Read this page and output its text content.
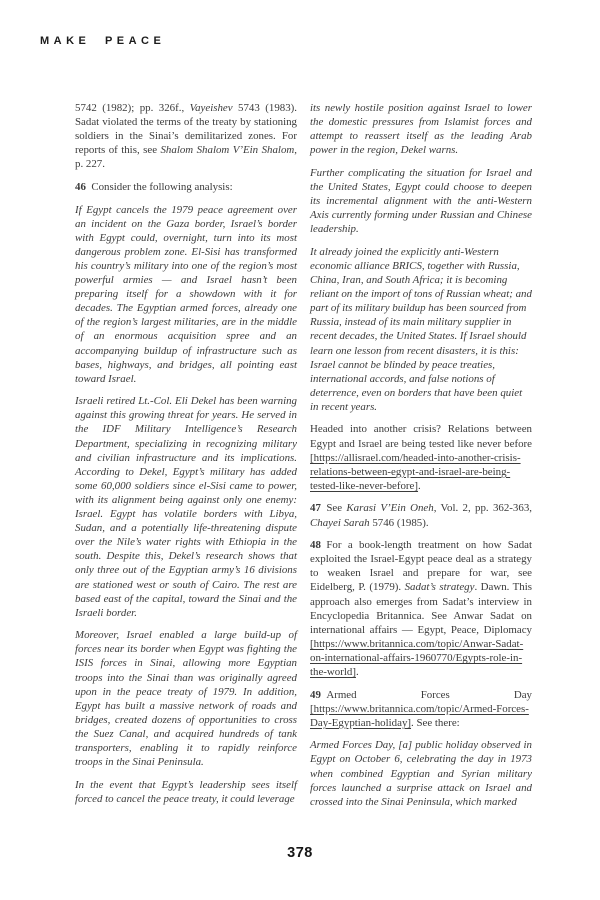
MAKE PEACE

5742 (1982); pp. 326f., Vayeishev 5743 (1983). Sadat violated the terms of the treaty by stationing soldiers in the Sinai’s demilitarized zones. For reports of this, see Shalom Shalom V’Ein Shalom, p. 227.

46 Consider the following analysis:

If Egypt cancels the 1979 peace agreement over an incident on the Gaza border, Israel’s border with Egypt could, overnight, turn into its most dangerous problem zone. El-Sisi has transformed his country’s military into one of the region’s most powerful armies — and Israel hasn’t been preparing itself for a showdown with it for decades. The Egyptian armed forces, already one of the region’s largest militaries, are in the middle of an enormous acquisition spree and an accompanying buildup of infrastructure such as bases, highways, and bridges, all pointing east toward Israel.

Israeli retired Lt.-Col. Eli Dekel has been warning against this growing threat for years. He served in the IDF Military Intelligence’s Research Department, specializing in recognizing military and civilian infrastructure and its implications. According to Dekel, Egypt’s military has added some 60,000 soldiers since el-Sisi came to power, with its alignment being against only one enemy: Israel. Egypt has volatile borders with Libya, Sudan, and a potentially life-threatening dispute over the Nile’s water rights with Ethiopia in the south. Despite this, Dekel’s research shows that only three out of the Egyptian army’s 16 divisions are stationed west or south of Cairo. The rest are based east of the capital, toward the Sinai and the Israeli border.

Moreover, Israel enabled a large build-up of forces near its border when Egypt was fighting the ISIS forces in Sinai, allowing more Egyptian troops into the Sinai than was originally agreed upon in the peace treaty of 1979. In addition, Egypt has built a massive network of roads and bridges, created dozens of opportunities to cross the Suez Canal, and acquired hundreds of tank transporters, enabling it to rapidly reinforce troops in the Sinai Peninsula.

In the event that Egypt’s leadership sees itself forced to cancel the peace treaty, it could leverage

its newly hostile position against Israel to lower the domestic pressures from Islamist forces and attempt to reassert itself as the leading Arab power in the region, Dekel warns.

Further complicating the situation for Israel and the United States, Egypt could choose to deepen its incremental alignment with the anti-Western Axis currently forming under Russian and Chinese leadership.

It already joined the explicitly anti-Western economic alliance BRICS, together with Russia, China, Iran, and South Africa; it is becoming reliant on the import of tons of Russian wheat; and part of its military buildup has been sourced from Russia, instead of its main military supplier in recent decades, the United States. If Israel should learn one lesson from recent disasters, it is this: Israel cannot be blinded by peace treaties, international accords, and false notions of deterrence, even on borders that have been quiet in recent years.

Headed into another crisis? Relations between Egypt and Israel are being tested like never before [https://allisrael.com/headed-into-another-crisis-relations-between-egypt-and-israel-are-being-tested-like-never-before].

47 See Karasi V’Ein Oneh, Vol. 2, pp. 362-363, Chayei Sarah 5746 (1985).

48 For a book-length treatment on how Sadat exploited the Israel-Egypt peace deal as a strategy to weaken Israel and prepare for war, see Eidelberg, P. (1979). Sadat’s strategy. Dawn. This approach also emerges from Sadat’s interview in Encyclopedia Britannica. See Anwar Sadat on international affairs — Egypt, Peace, Diplomacy [https://www.britannica.com/topic/Anwar-Sadat-on-international-affairs-1960770/Egypts-role-in-the-world].

49 Armed Forces Day [https://www.britannica.com/topic/Armed-Forces-Day-Egyptian-holiday]. See there:

Armed Forces Day, [a] public holiday observed in Egypt on October 6, celebrating the day in 1973 when combined Egyptian and Syrian military forces launched a surprise attack on Israel and crossed into the Sinai Peninsula, which marked

378
